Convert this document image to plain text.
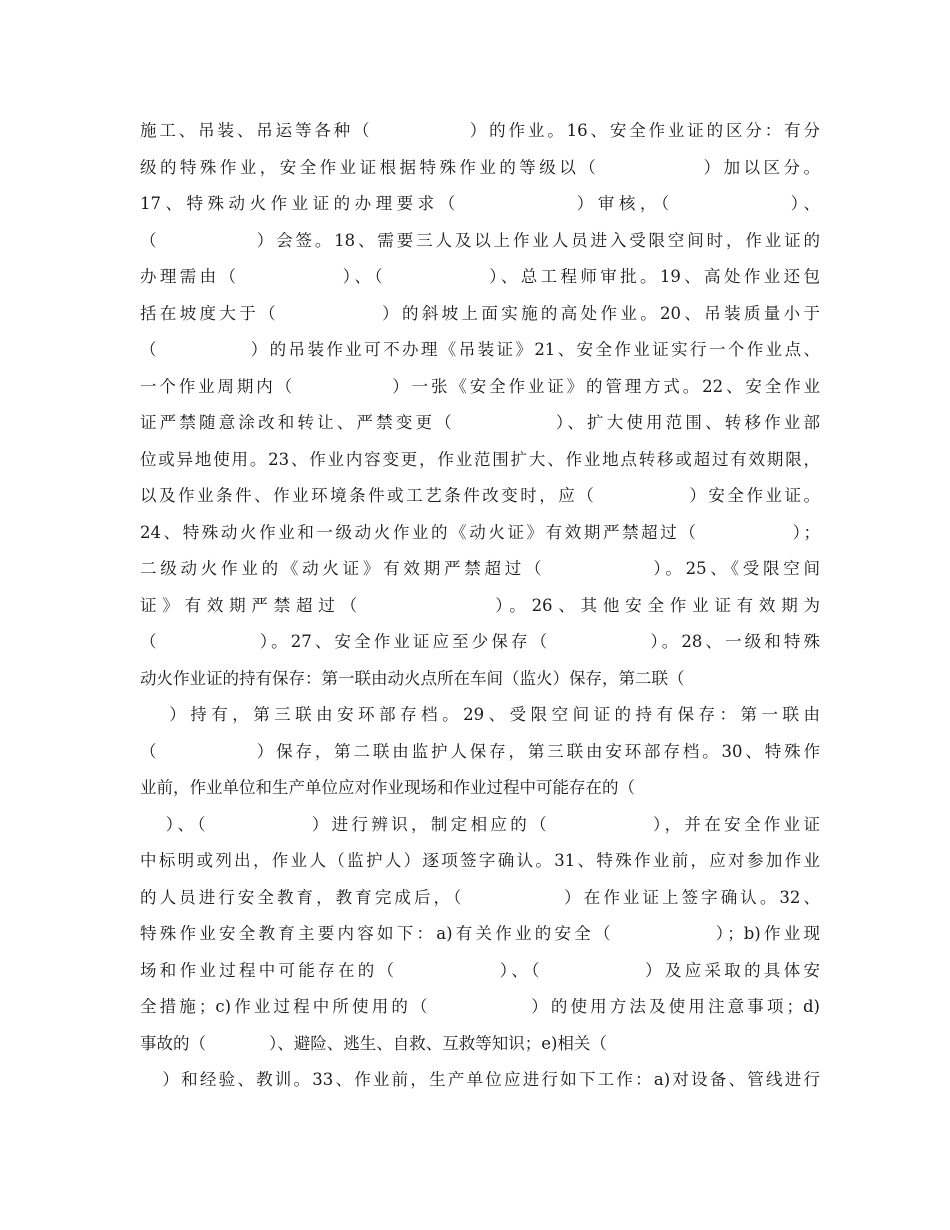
施工、吊装、吊运等各种（            ）的作业。16、安全作业证的区分：有分
级的特殊作业，安全作业证根据特殊作业的等级以（            ）加以区分。
17、特殊动火作业证的办理要求（            ）审核，（            ）、
（            ）会签。18、需要三人及以上作业人员进入受限空间时，作业证的
办理需由（            ）、（            ）、总工程师审批。19、高处作业还包
括在坡度大于（            ）的斜坡上面实施的高处作业。20、吊装质量小于
（            ）的吊装作业可不办理《吊装证》21、安全作业证实行一个作业点、
一个作业周期内（            ）一张《安全作业证》的管理方式。22、安全作业
证严禁随意涂改和转让、严禁变更（            ）、扩大使用范围、转移作业部
位或异地使用。23、作业内容变更，作业范围扩大、作业地点转移或超过有效期限，
以及作业条件、作业环境条件或工艺条件改变时，应（            ）安全作业证。
24、特殊动火作业和一级动火作业的《动火证》有效期严禁超过（            ）；
二级动火作业的《动火证》有效期严禁超过（            ）。25、《受限空间
证》有效期严禁超过（            ）。26、其他安全作业证有效期为
（            ）。27、安全作业证应至少保存（            ）。28、一级和特殊
动火作业证的持有保存：第一联由动火点所在车间（监火）保存，第二联（
）持有，第三联由安环部存档。29、受限空间证的持有保存：第一联由
（            ）保存，第二联由监护人保存，第三联由安环部存档。30、特殊作
业前，作业单位和生产单位应对作业现场和作业过程中可能存在的（
）、（            ）进行辨识，制定相应的（            ），并在安全作业证
中标明或列出，作业人（监护人）逐项签字确认。31、特殊作业前，应对参加作业
的人员进行安全教育，教育完成后，（            ）在作业证上签字确认。32、
特殊作业安全教育主要内容如下：a)有关作业的安全（            ）；b)作业现
场和作业过程中可能存在的（            ）、（            ）及应采取的具体安
全措施；c)作业过程中所使用的（            ）的使用方法及使用注意事项；d)
事故的（            ）、避险、逃生、自救、互救等知识；e)相关（
）和经验、教训。33、作业前，生产单位应进行如下工作：a)对设备、管线进行
